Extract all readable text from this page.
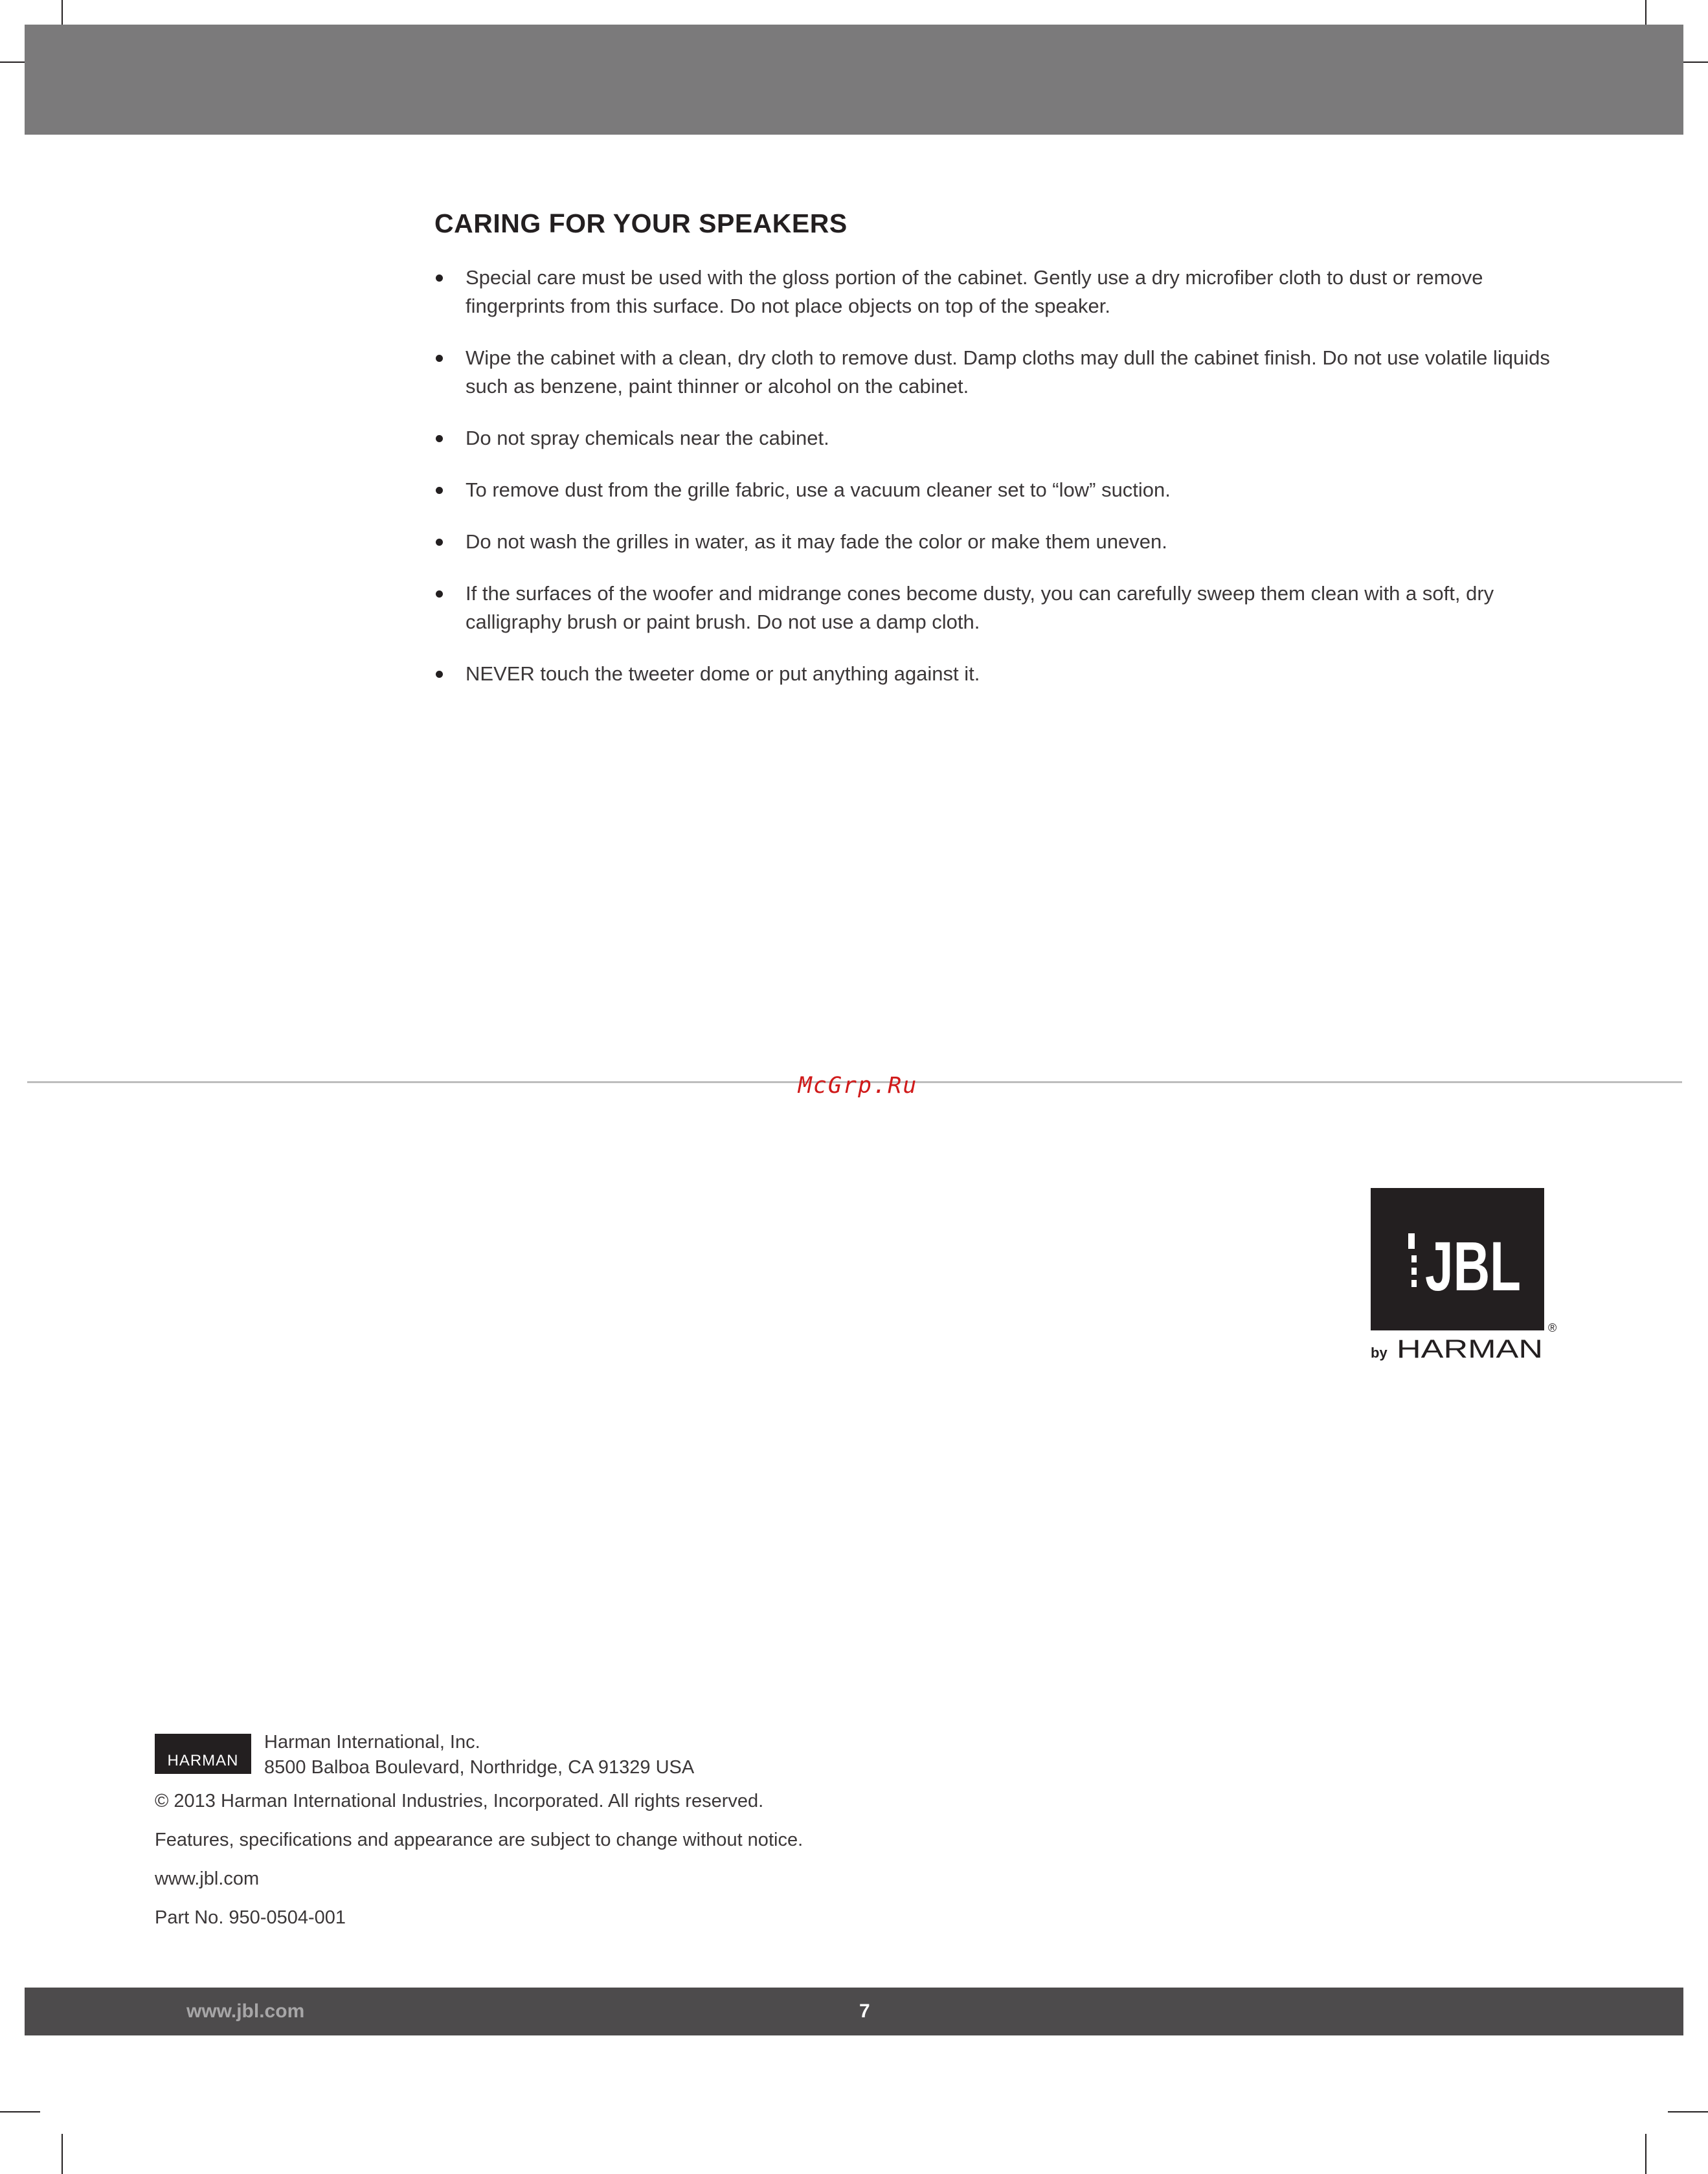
CARING FOR YOUR SPEAKERS
Special care must be used with the gloss portion of the cabinet. Gently use a dry microfiber cloth to dust or remove fingerprints from this surface. Do not place objects on top of the speaker.
Wipe the cabinet with a clean, dry cloth to remove dust. Damp cloths may dull the cabinet finish. Do not use volatile liquids such as benzene, paint thinner or alcohol on the cabinet.
Do not spray chemicals near the cabinet.
To remove dust from the grille fabric, use a vacuum cleaner set to “low” suction.
Do not wash the grilles in water, as it may fade the color or make them uneven.
If the surfaces of the woofer and midrange cones become dusty, you can carefully sweep them clean with a soft, dry calligraphy brush or paint brush. Do not use a damp cloth.
NEVER touch the tweeter dome or put anything against it.
McGrp.Ru
JBL
®
by HARMAN
HARMAN
Harman International, Inc.
8500 Balboa Boulevard, Northridge, CA 91329 USA
© 2013 Harman International Industries, Incorporated. All rights reserved.
Features, specifications and appearance are subject to change without notice.
www.jbl.com
Part No. 950-0504-001
www.jbl.com	7
